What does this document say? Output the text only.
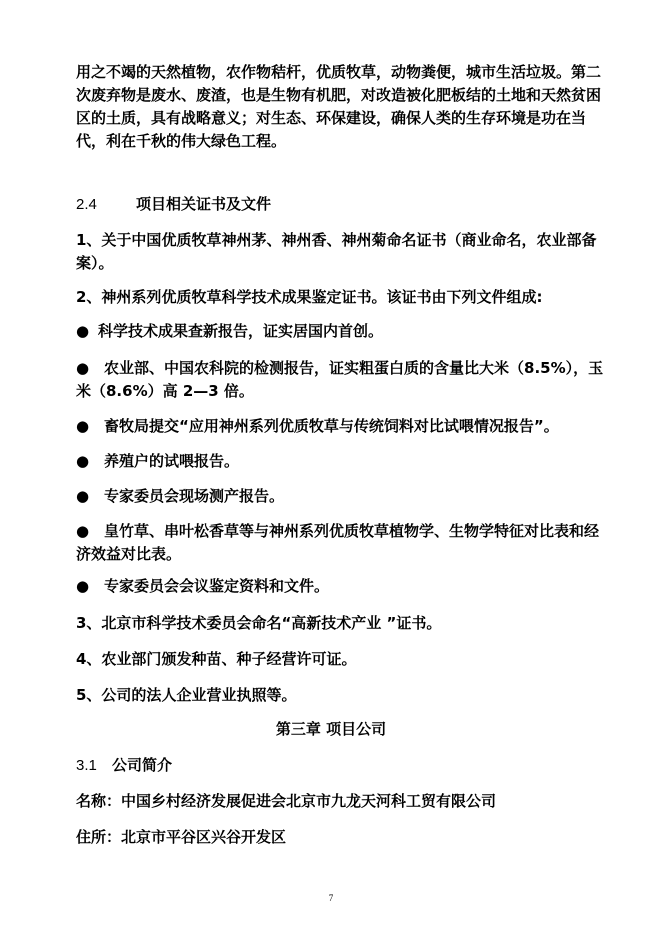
用之不竭的天然植物，农作物秸杆，优质牧草，动物粪便，城市生活垃圾。第二次废弃物是废水、废渣，也是生物有机肥，对改造被化肥板结的土地和天然贫困区的土质，具有战略意义；对生态、环保建设，确保人类的生存环境是功在当代，利在千秋的伟大绿色工程。

2.4	项目相关证书及文件

1、关于中国优质牧草神州茅、神州香、神州菊命名证书（商业命名，农业部备案）。

2、神州系列优质牧草科学技术成果鉴定证书。该证书由下列文件组成:

● 科学技术成果查新报告，证实居国内首创。
● 农业部、中国农科院的检测报告，证实粗蛋白质的含量比大米（8.5%），玉米（8.6%）高 2—3 倍。
● 畜牧局提交“应用神州系列优质牧草与传统饲料对比试喂情况报告”。
● 养殖户的试喂报告。
● 专家委员会现场测产报告。
● 皇竹草、串叶松香草等与神州系列优质牧草植物学、生物学特征对比表和经济效益对比表。
● 专家委员会会议鉴定资料和文件。

3、北京市科学技术委员会命名“高新技术产业 ”证书。

4、农业部门颁发种苗、种子经营许可证。

5、公司的法人企业营业执照等。

第三章 项目公司
3.1 公司简介

名称：中国乡村经济发展促进会北京市九龙天河科工贸有限公司

住所：北京市平谷区兴谷开发区

7
